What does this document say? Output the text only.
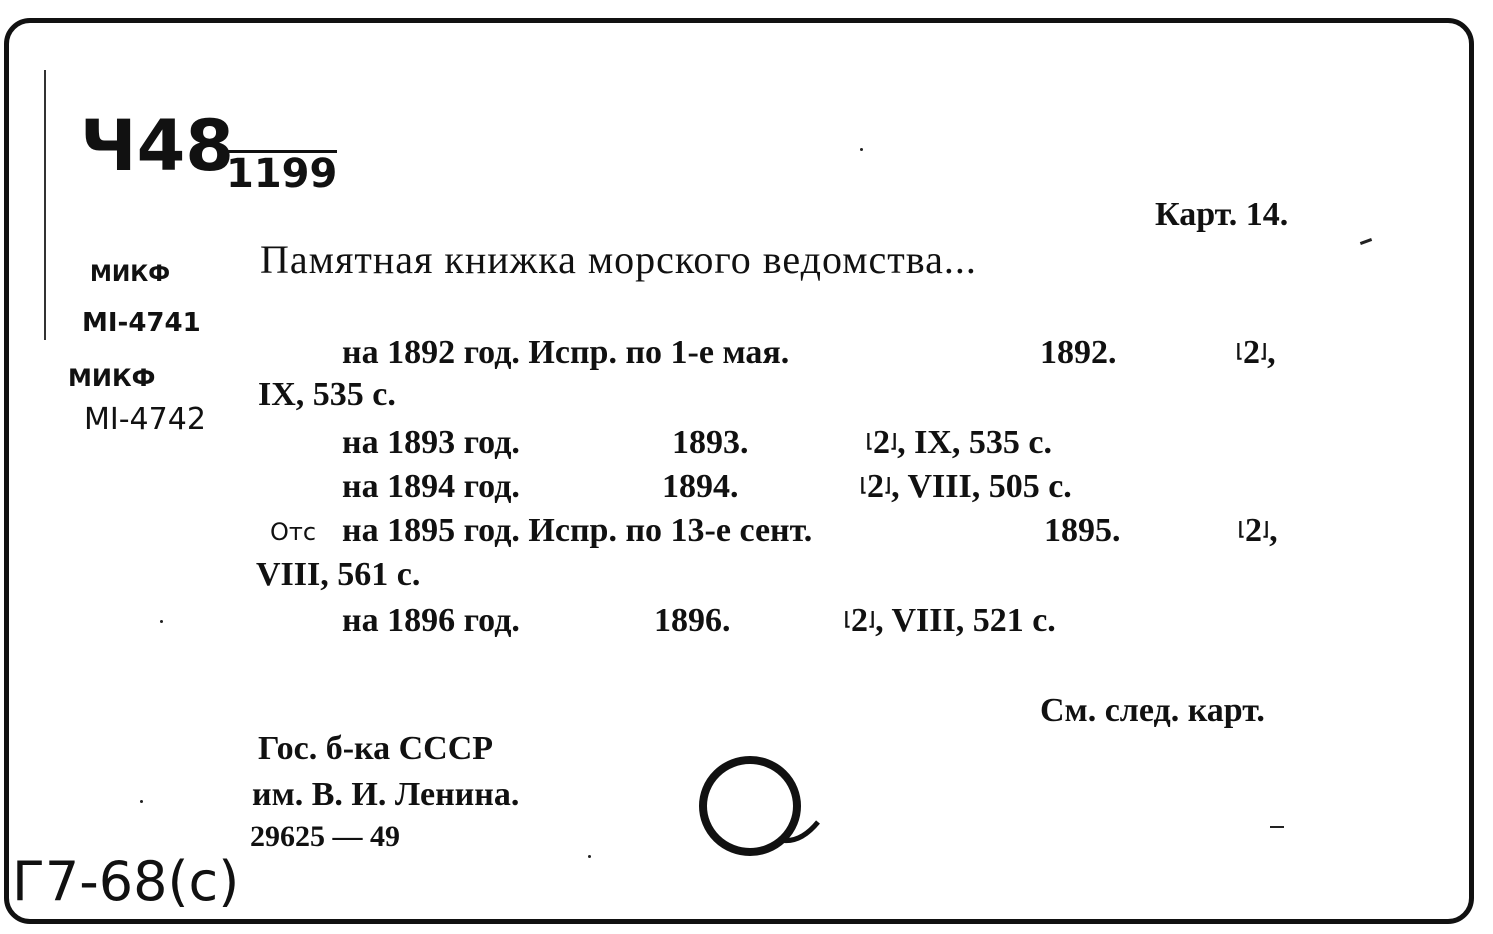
Ч48
1199
МИКФ
МІ-4741
МИКФ
МІ-4742
Отс
Г7-68(с)
Карт. 14.
Памятная книжка морского ведомства...
на 1892 год. Испр. по 1-е мая.	1892.	⌊2⌋,
IX, 535 с.
на 1893 год.	1893.	⌊2⌋, IX, 535 с.
на 1894 год.	1894.	⌊2⌋, VIII, 505 с.
на 1895 год. Испр. по 13-е сент.	1895.	⌊2⌋,
VIII, 561 с.
на 1896 год.	1896.	⌊2⌋, VIII, 521 с.
См. след. карт.
Гос. б-ка СССР
им. В. И. Ленина.
29625 — 49
